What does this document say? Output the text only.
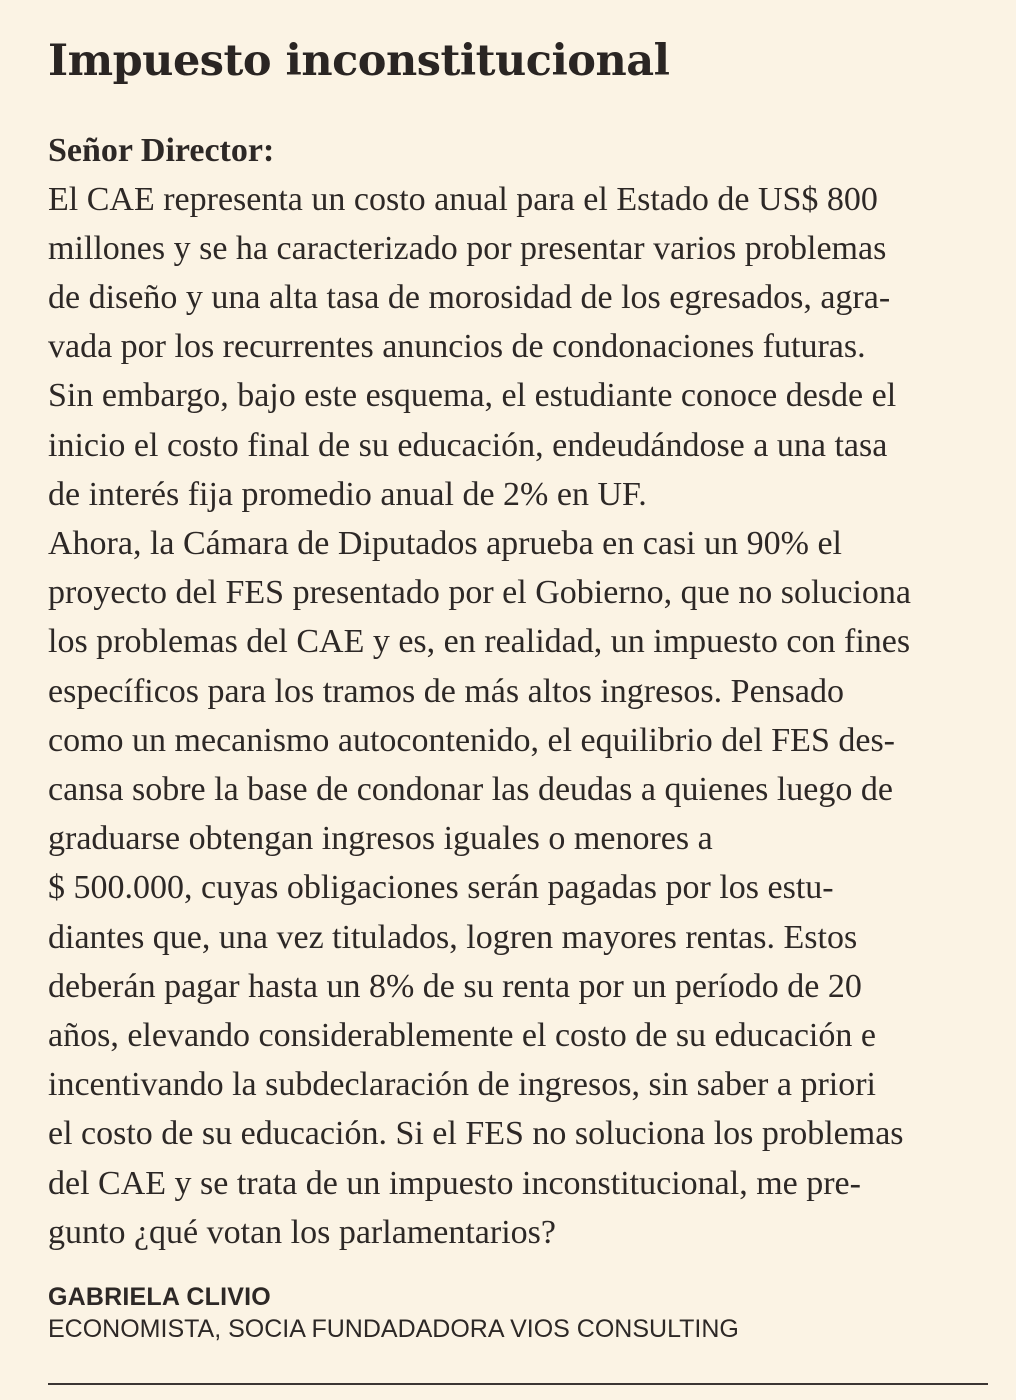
Impuesto inconstitucional

Señor Director:

El CAE representa un costo anual para el Estado de US$ 800
millones y se ha caracterizado por presentar varios problemas
de diseño y una alta tasa de morosidad de los egresados, agra-
vada por los recurrentes anuncios de condonaciones futuras.
Sin embargo, bajo este esquema, el estudiante conoce desde el
inicio el costo final de su educación, endeudándose a una tasa
de interés fija promedio anual de 2% en UF.
Ahora, la Cámara de Diputados aprueba en casi un 90% el
proyecto del FES presentado por el Gobierno, que no soluciona
los problemas del CAE y es, en realidad, un impuesto con fines
específicos para los tramos de más altos ingresos. Pensado
como un mecanismo autocontenido, el equilibrio del FES des-
cansa sobre la base de condonar las deudas a quienes luego de
graduarse obtengan ingresos iguales o menores a
$ 500.000, cuyas obligaciones serán pagadas por los estu-
diantes que, una vez titulados, logren mayores rentas. Estos
deberán pagar hasta un 8% de su renta por un período de 20
años, elevando considerablemente el costo de su educación e
incentivando la subdeclaración de ingresos, sin saber a priori
el costo de su educación. Si el FES no soluciona los problemas
del CAE y se trata de un impuesto inconstitucional, me pre-
gunto ¿qué votan los parlamentarios?
GABRIELA CLIVIO
ECONOMISTA, SOCIA FUNDADADORA VIOS CONSULTING
